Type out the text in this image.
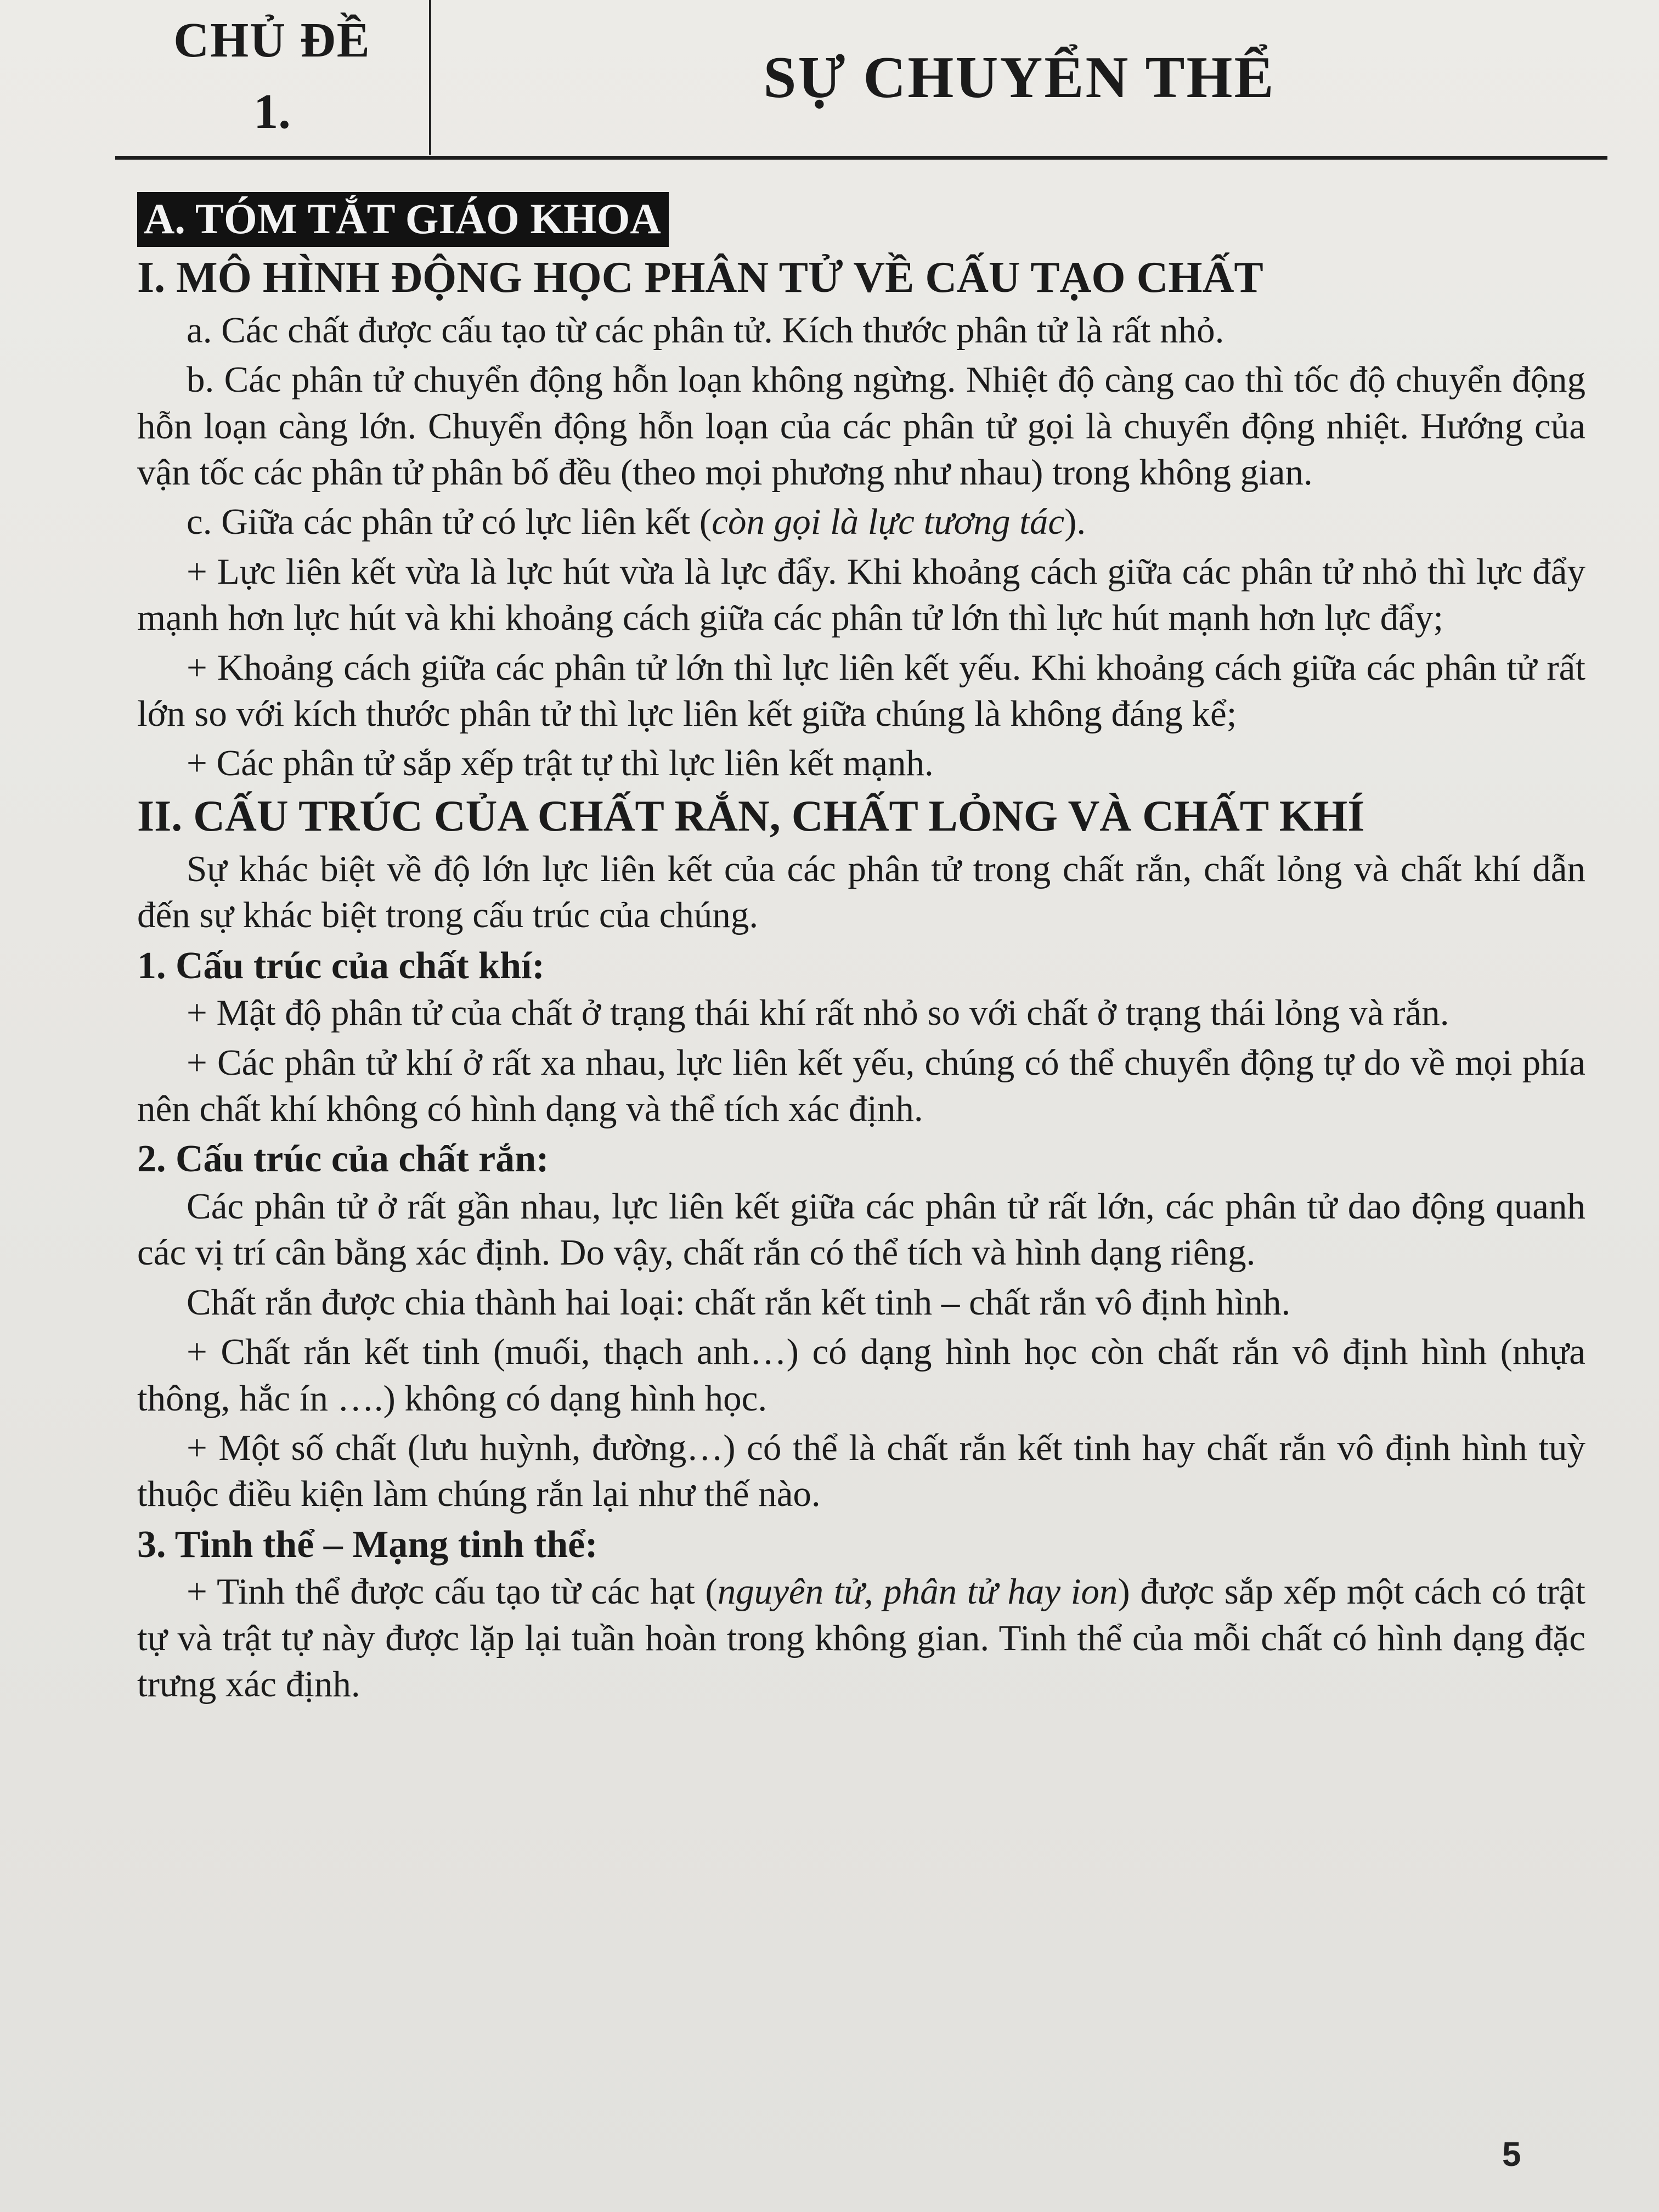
CHỦ ĐỀ
1.
SỰ CHUYỂN THỂ
A. TÓM TẮT GIÁO KHOA
I. MÔ HÌNH ĐỘNG HỌC PHÂN TỬ VỀ CẤU TẠO CHẤT

a. Các chất được cấu tạo từ các phân tử. Kích thước phân tử là rất nhỏ.

b. Các phân tử chuyển động hỗn loạn không ngừng. Nhiệt độ càng cao thì tốc độ chuyển động hỗn loạn càng lớn. Chuyển động hỗn loạn của các phân tử gọi là chuyển động nhiệt. Hướng của vận tốc các phân tử phân bố đều (theo mọi phương như nhau) trong không gian.

c. Giữa các phân tử có lực liên kết (còn gọi là lực tương tác).

+ Lực liên kết vừa là lực hút vừa là lực đẩy. Khi khoảng cách giữa các phân tử nhỏ thì lực đẩy mạnh hơn lực hút và khi khoảng cách giữa các phân tử lớn thì lực hút mạnh hơn lực đẩy;

+ Khoảng cách giữa các phân tử lớn thì lực liên kết yếu. Khi khoảng cách giữa các phân tử rất lớn so với kích thước phân tử thì lực liên kết giữa chúng là không đáng kể;

+ Các phân tử sắp xếp trật tự thì lực liên kết mạnh.

II. CẤU TRÚC CỦA CHẤT RẮN, CHẤT LỎNG VÀ CHẤT KHÍ

Sự khác biệt về độ lớn lực liên kết của các phân tử trong chất rắn, chất lỏng và chất khí dẫn đến sự khác biệt trong cấu trúc của chúng.

1. Cấu trúc của chất khí:

+ Mật độ phân tử của chất ở trạng thái khí rất nhỏ so với chất ở trạng thái lỏng và rắn.

+ Các phân tử khí ở rất xa nhau, lực liên kết yếu, chúng có thể chuyển động tự do về mọi phía nên chất khí không có hình dạng và thể tích xác định.

2. Cấu trúc của chất rắn:

Các phân tử ở rất gần nhau, lực liên kết giữa các phân tử rất lớn, các phân tử dao động quanh các vị trí cân bằng xác định. Do vậy, chất rắn có thể tích và hình dạng riêng.

Chất rắn được chia thành hai loại: chất rắn kết tinh – chất rắn vô định hình.

+ Chất rắn kết tinh (muối, thạch anh…) có dạng hình học còn chất rắn vô định hình (nhựa thông, hắc ín ….) không có dạng hình học.

+ Một số chất (lưu huỳnh, đường…) có thể là chất rắn kết tinh hay chất rắn vô định hình tuỳ thuộc điều kiện làm chúng rắn lại như thế nào.

3. Tinh thể – Mạng tinh thể:

+ Tinh thể được cấu tạo từ các hạt (nguyên tử, phân tử hay ion) được sắp xếp một cách có trật tự và trật tự này được lặp lại tuần hoàn trong không gian. Tinh thể của mỗi chất có hình dạng đặc trưng xác định.

5
